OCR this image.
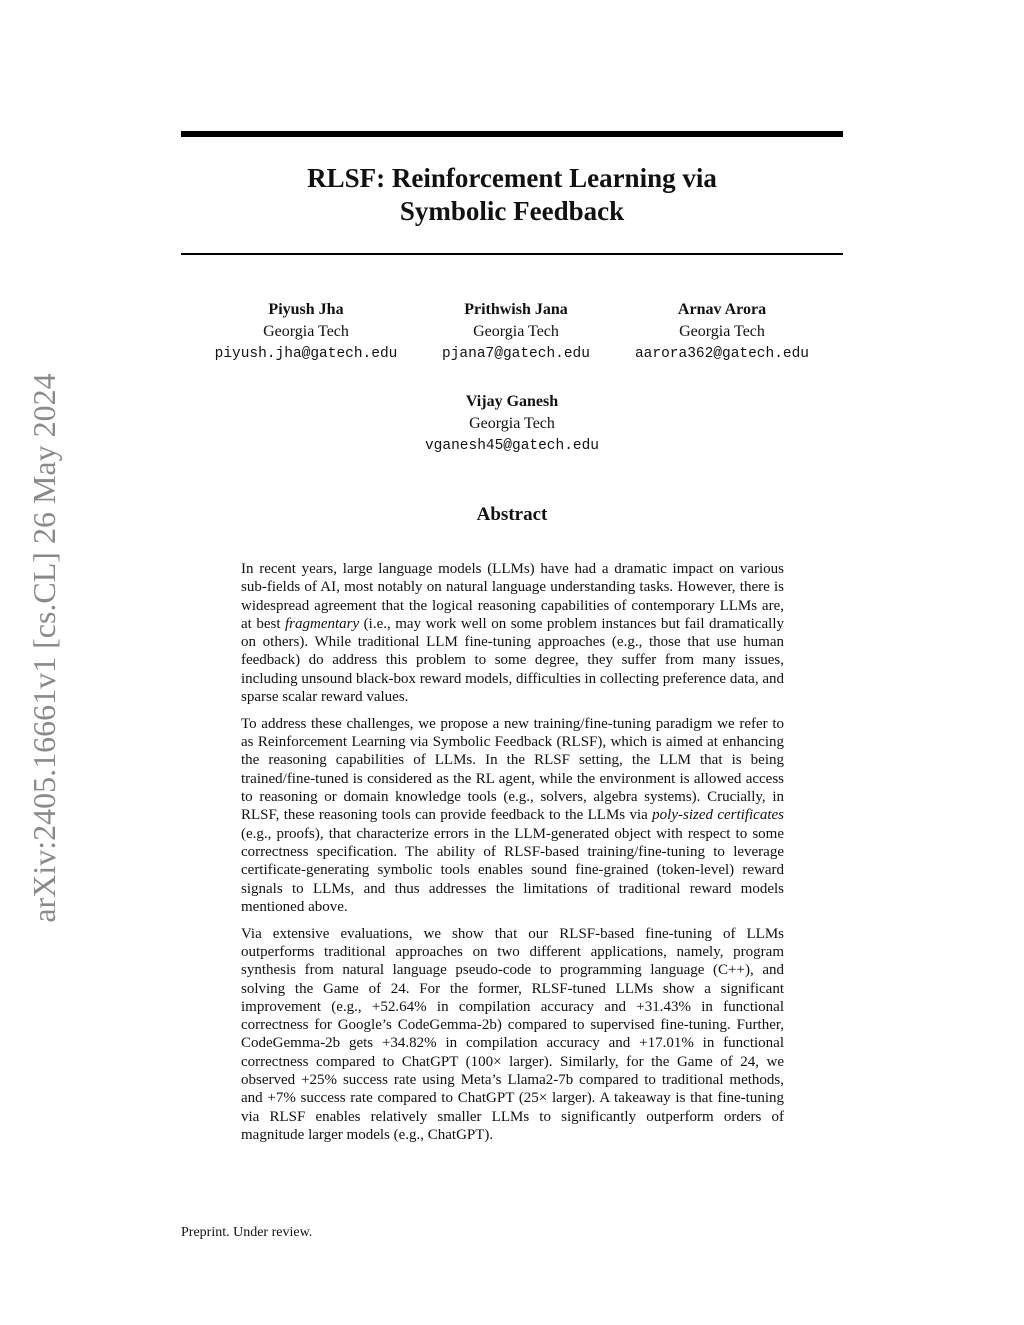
arXiv:2405.16661v1 [cs.CL] 26 May 2024
RLSF: Reinforcement Learning via
Symbolic Feedback
Piyush Jha
Georgia Tech
piyush.jha@gatech.edu
Prithwish Jana
Georgia Tech
pjana7@gatech.edu
Arnav Arora
Georgia Tech
aarora362@gatech.edu
Vijay Ganesh
Georgia Tech
vganesh45@gatech.edu
Abstract

In recent years, large language models (LLMs) have had a dramatic impact on various sub-fields of AI, most notably on natural language understanding tasks. However, there is widespread agreement that the logical reasoning capabilities of contemporary LLMs are, at best fragmentary (i.e., may work well on some problem instances but fail dramatically on others). While traditional LLM fine-tuning approaches (e.g., those that use human feedback) do address this problem to some degree, they suffer from many issues, including unsound black-box reward models, difficulties in collecting preference data, and sparse scalar reward values.

To address these challenges, we propose a new training/fine-tuning paradigm we refer to as Reinforcement Learning via Symbolic Feedback (RLSF), which is aimed at enhancing the reasoning capabilities of LLMs. In the RLSF setting, the LLM that is being trained/fine-tuned is considered as the RL agent, while the environment is allowed access to reasoning or domain knowledge tools (e.g., solvers, algebra systems). Crucially, in RLSF, these reasoning tools can provide feedback to the LLMs via poly-sized certificates (e.g., proofs), that characterize errors in the LLM-generated object with respect to some correctness specification. The ability of RLSF-based training/fine-tuning to leverage certificate-generating symbolic tools enables sound fine-grained (token-level) reward signals to LLMs, and thus addresses the limitations of traditional reward models mentioned above.

Via extensive evaluations, we show that our RLSF-based fine-tuning of LLMs outperforms traditional approaches on two different applications, namely, program synthesis from natural language pseudo-code to programming language (C++), and solving the Game of 24. For the former, RLSF-tuned LLMs show a significant improvement (e.g., +52.64% in compilation accuracy and +31.43% in functional correctness for Google’s CodeGemma-2b) compared to supervised fine-tuning. Further, CodeGemma-2b gets +34.82% in compilation accuracy and +17.01% in functional correctness compared to ChatGPT (100× larger). Similarly, for the Game of 24, we observed +25% success rate using Meta’s Llama2-7b compared to traditional methods, and +7% success rate compared to ChatGPT (25× larger). A takeaway is that fine-tuning via RLSF enables relatively smaller LLMs to significantly outperform orders of magnitude larger models (e.g., ChatGPT).

Preprint. Under review.
